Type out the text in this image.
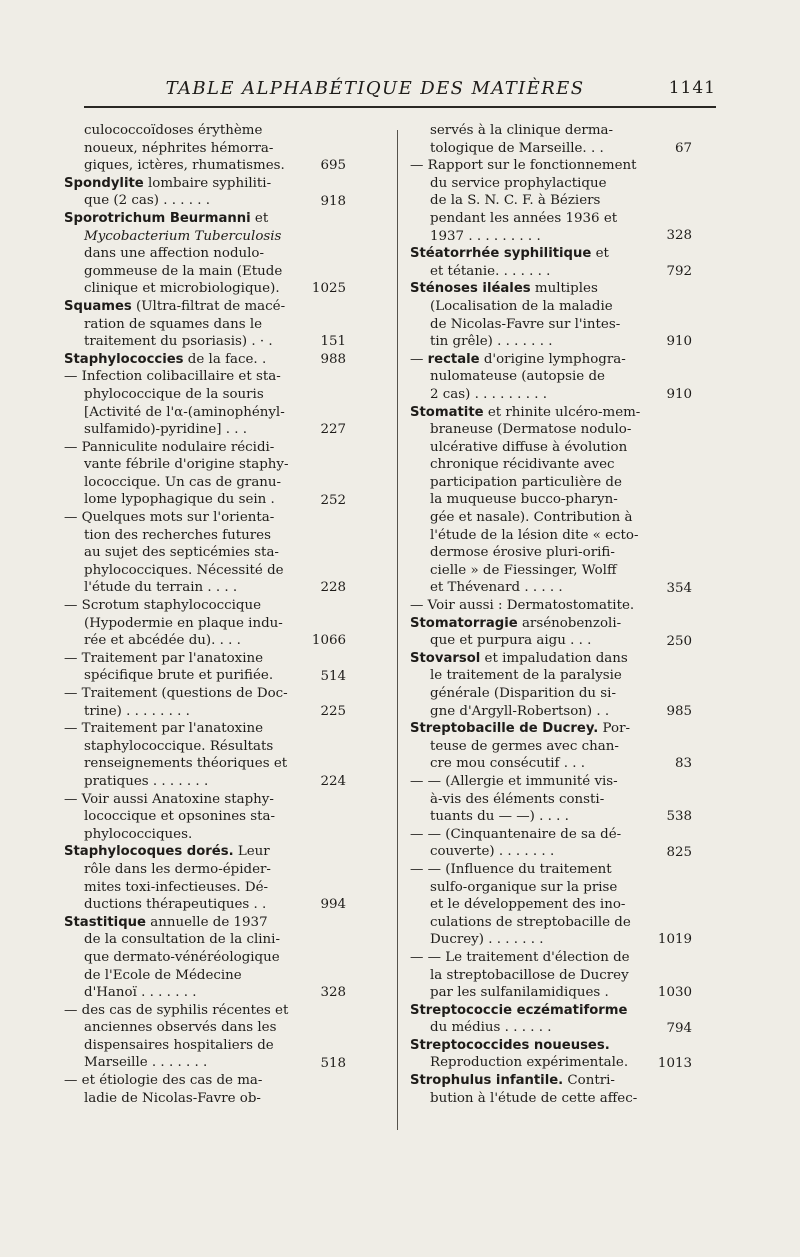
TABLE ALPHABÉTIQUE DES MATIÈRES	1141
culococcoïdoses érythème
noueux, néphrites hémorra-
giques, ictères, rhumatismes.	695
Spondylite lombaire syphiliti-
que (2 cas) . . . . . .	918
Sporotrichum Beurmanni et
Mycobacterium Tuberculosis
dans une affection nodulo-
gommeuse de la main (Etude
clinique et microbiologique).	1025
Squames (Ultra-filtrat de macé-
ration de squames dans le
traitement du psoriasis) . · .	151
Staphylococcies de la face. .	988
— Infection colibacillaire et sta-
phylococcique de la souris
[Activité de l'α-(aminophényl-
sulfamido)-pyridine] . . .	227
— Panniculite nodulaire récidi-
vante fébrile d'origine staphy-
lococcique. Un cas de granu-
lome lypophagique du sein .	252
— Quelques mots sur l'orienta-
tion des recherches futures
au sujet des septicémies sta-
phylococciques. Nécessité de
l'étude du terrain . . . .	228
— Scrotum staphylococcique
(Hypodermie en plaque indu-
rée et abcédée du). . . .	1066
— Traitement par l'anatoxine
spécifique brute et purifiée.	514
— Traitement (questions de Doc-
trine) . . . . . . . .	225
— Traitement par l'anatoxine
staphylococcique. Résultats
renseignements théoriques et
pratiques . . . . . . .	224
— Voir aussi Anatoxine staphy-
lococcique et opsonines sta-
phylococciques.
Staphylocoques dorés. Leur
rôle dans les dermo-épider-
mites toxi-infectieuses. Dé-
ductions thérapeutiques . .	994
Stastitique annuelle de 1937
de la consultation de la clini-
que dermato-vénéréologique
de l'Ecole de Médecine
d'Hanoï . . . . . . .	328
— des cas de syphilis récentes et
anciennes observés dans les
dispensaires hospitaliers de
Marseille . . . . . . .	518
— et étiologie des cas de ma-
ladie de Nicolas-Favre ob-
servés à la clinique derma-
tologique de Marseille. . .	67
— Rapport sur le fonctionnement
du service prophylactique
de la S. N. C. F. à Béziers
pendant les années 1936 et
1937 . . . . . . . . .	328
Stéatorrhée syphilitique et
et tétanie. . . . . . .	792
Sténoses iléales multiples
(Localisation de la maladie
de Nicolas-Favre sur l'intes-
tin grêle) . . . . . . .	910
— rectale d'origine lymphogra-
nulomateuse (autopsie de
2 cas) . . . . . . . . .	910
Stomatite et rhinite ulcéro-mem-
braneuse (Dermatose nodulo-
ulcérative diffuse à évolution
chronique récidivante avec
participation particulière de
la muqueuse bucco-pharyn-
gée et nasale). Contribution à
l'étude de la lésion dite « ecto-
dermose érosive pluri-orifi-
cielle » de Fiessinger, Wolff
et Thévenard . . . . .	354
— Voir aussi : Dermatostomatite.
Stomatorragie arsénobenzoli-
que et purpura aigu . . .	250
Stovarsol et impaludation dans
le traitement de la paralysie
générale (Disparition du si-
gne d'Argyll-Robertson) . .	985
Streptobacille de Ducrey. Por-
teuse de germes avec chan-
cre mou consécutif . . .	83
— — (Allergie et immunité vis-
à-vis des éléments consti-
tuants du — —) . . . .	538
— — (Cinquantenaire de sa dé-
couverte) . . . . . . .	825
— — (Influence du traitement
sulfo-organique sur la prise
et le développement des ino-
culations de streptobacille de
Ducrey) . . . . . . .	1019
— — Le traitement d'élection de
la streptobacillose de Ducrey
par les sulfanilamidiques .	1030
Streptococcie eczématiforme
du médius . . . . . .	794
Streptococcides noueuses.
Reproduction expérimentale.	1013
Strophulus infantile. Contri-
bution à l'étude de cette affec-
